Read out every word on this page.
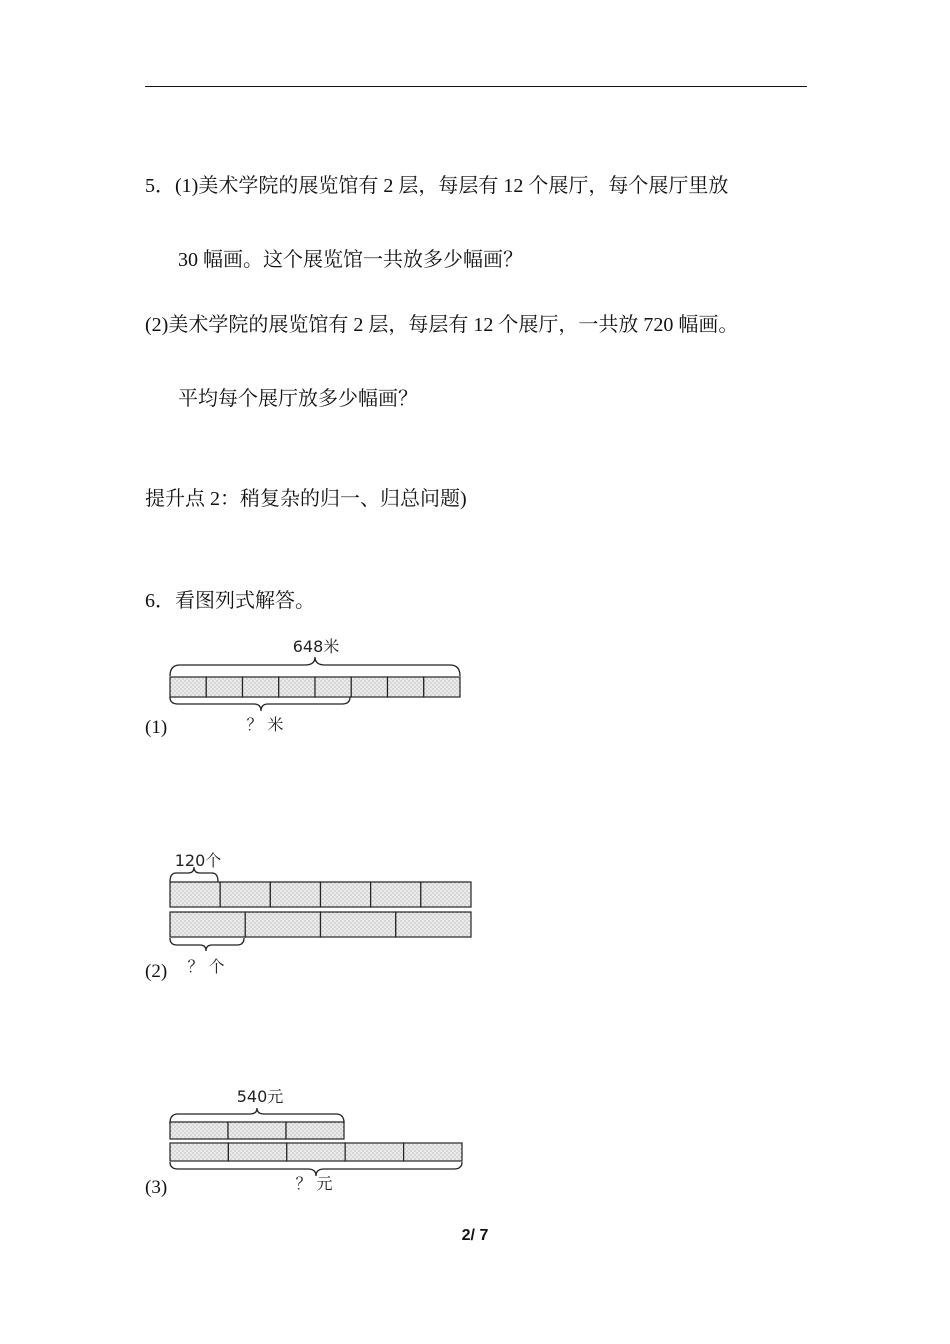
5．(1)美术学院的展览馆有 2 层，每层有 12 个展厅，每个展厅里放
30 幅画。这个展览馆一共放多少幅画？
(2)美术学院的展览馆有 2 层，每层有 12 个展厅，一共放 720 幅画。
平均每个展厅放多少幅画？
提升点 2：稍复杂的归一、归总问题)
6．看图列式解答。
648米
？ 米
120个
？ 个
540元
？ 元
(1)
(2)
(3)
2/ 7
